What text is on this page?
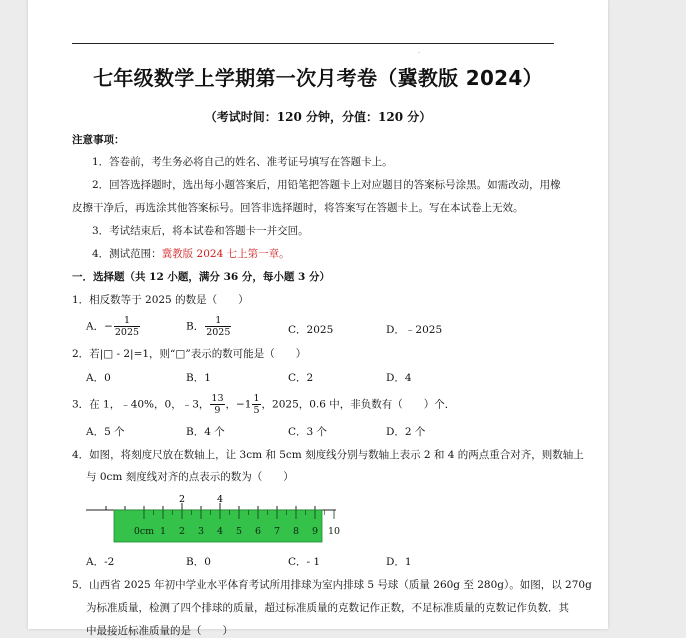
·
七年级数学上学期第一次月考卷（冀教版 2024）
（考试时间：120 分钟，分值：120 分）
注意事项：
1．答卷前，考生务必将自己的姓名、准考证号填写在答题卡上。
2．回答选择题时，选出每小题答案后，用铅笔把答题卡上对应题目的答案标号涂黑。如需改动，用橡
皮擦干净后，再选涂其他答案标号。回答非选择题时，将答案写在答题卡上。写在本试卷上无效。
3．考试结束后，将本试卷和答题卡一并交回。
4．测试范围：冀教版 2024 七上第一章。
一．选择题（共 12 小题，满分 36 分，每小题 3 分）
1．相反数等于 2025 的数是（　　）
A．− $\frac{1}{2025}$	B． $\frac{1}{2025}$	C．2025	D．﹣2025
2．若|□ - 2|=1，则“□”表示的数可能是（　　）
A．0	B．1	C．2	D．4
3．在 1，﹣40%，0，﹣3， $\frac{13}{9}$ ，$-1 \frac{1}{5}$ ，2025，0.6 中，非负数有（　　）个．
A．5 个	B．4 个	C．3 个	D．2 个
4．如图，将刻度尺放在数轴上，让 3cm 和 5cm 刻度线分别与数轴上表示 2 和 4 的两点重合对齐，则数轴上
与 0cm 刻度线对齐的点表示的数为（　　）
2	4
0cm 1 2 3 4 5 6 7 8 9 10
A．-2	B．0	C．- 1	D．1
5．山西省 2025 年初中学业水平体育考试所用排球为室内排球 5 号球（质量 260g 至 280g）。如图，以 270g
为标准质量，检测了四个排球的质量，超过标准质量的克数记作正数，不足标准质量的克数记作负数．其
中最接近标准质量的是（　　）
